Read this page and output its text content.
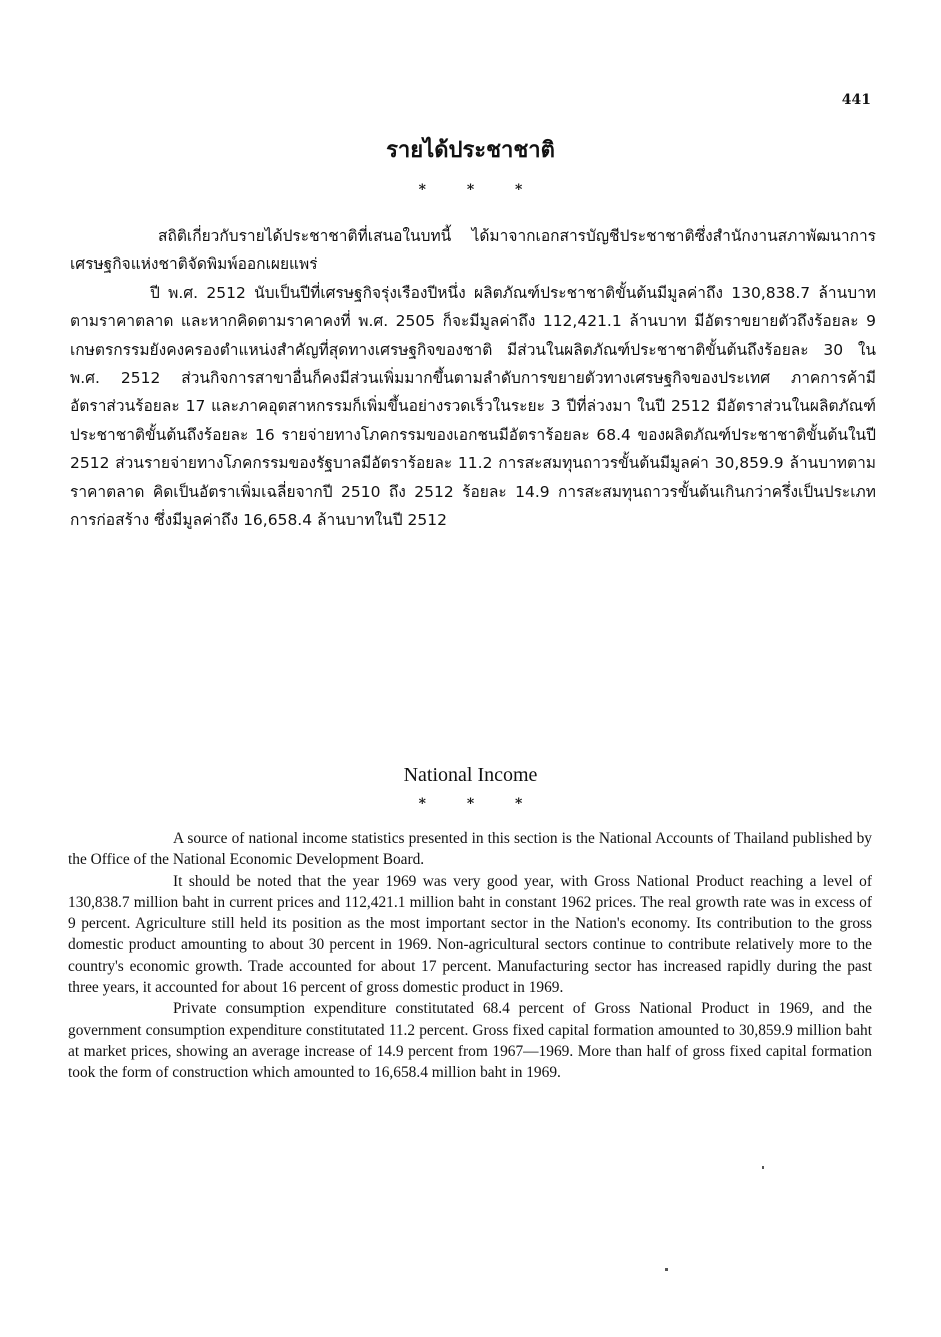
441
รายได้ประชาชาติ
* * *

สถิติเกี่ยวกับรายได้ประชาชาติที่เสนอในบทนี้ ได้มาจากเอกสารบัญชีประชาชาติซึ่งสำนักงานสภาพัฒนาการเศรษฐกิจแห่งชาติจัดพิมพ์ออกเผยแพร่

ปี พ.ศ. 2512 นับเป็นปีที่เศรษฐกิจรุ่งเรืองปีหนึ่ง ผลิตภัณฑ์ประชาชาติขั้นต้นมีมูลค่าถึง 130,838.7 ล้านบาทตามราคาตลาด และหากคิดตามราคาคงที่ พ.ศ. 2505 ก็จะมีมูลค่าถึง 112,421.1 ล้านบาท มีอัตราขยายตัวถึงร้อยละ 9 เกษตรกรรมยังคงครองตำแหน่งสำคัญที่สุดทางเศรษฐกิจของชาติ มีส่วนในผลิตภัณฑ์ประชาชาติขั้นต้นถึงร้อยละ 30 ใน พ.ศ. 2512 ส่วนกิจการสาขาอื่นก็คงมีส่วนเพิ่มมากขึ้นตามลำดับการขยายตัวทางเศรษฐกิจของประเทศ ภาคการค้ามีอัตราส่วนร้อยละ 17 และภาคอุตสาหกรรมก็เพิ่มขึ้นอย่างรวดเร็วในระยะ 3 ปีที่ล่วงมา ในปี 2512 มีอัตราส่วนในผลิตภัณฑ์ประชาชาติขั้นต้นถึงร้อยละ 16 รายจ่ายทางโภคกรรมของเอกชนมีอัตราร้อยละ 68.4 ของผลิตภัณฑ์ประชาชาติขั้นต้นในปี 2512 ส่วนรายจ่ายทางโภคกรรมของรัฐบาลมีอัตราร้อยละ 11.2 การสะสมทุนถาวรขั้นต้นมีมูลค่า 30,859.9 ล้านบาทตามราคาตลาด คิดเป็นอัตราเพิ่มเฉลี่ยจากปี 2510 ถึง 2512 ร้อยละ 14.9 การสะสมทุนถาวรขั้นต้นเกินกว่าครึ่งเป็นประเภทการก่อสร้าง ซึ่งมีมูลค่าถึง 16,658.4 ล้านบาทในปี 2512

National Income
* * *

A source of national income statistics presented in this section is the National Accounts of Thailand published by the Office of the National Economic Development Board.

It should be noted that the year 1969 was very good year, with Gross National Product reaching a level of 130,838.7 million baht in current prices and 112,421.1 million baht in constant 1962 prices. The real growth rate was in excess of 9 percent. Agriculture still held its position as the most important sector in the Nation's economy. Its contribution to the gross domestic product amounting to about 30 percent in 1969. Non-agricultural sectors continue to contribute relatively more to the country's economic growth. Trade accounted for about 17 percent. Manufacturing sector has increased rapidly during the past three years, it accounted for about 16 percent of gross domestic product in 1969.

Private consumption expenditure constitutated 68.4 percent of Gross National Product in 1969, and the government consumption expenditure constitutated 11.2 percent. Gross fixed capital formation amounted to 30,859.9 million baht at market prices, showing an average increase of 14.9 percent from 1967—1969. More than half of gross fixed capital formation took the form of construction which amounted to 16,658.4 million baht in 1969.
